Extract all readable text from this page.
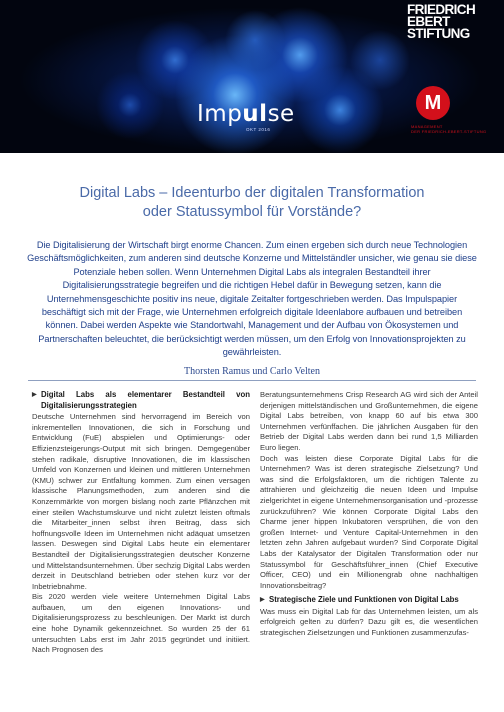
Impulse
OKT 2016
FRIEDRICH
EBERT
STIFTUNG
M
MANAGEMENT
DER FRIEDRICH-EBERT-STIFTUNG
Digital Labs – Ideenturbo der digitalen Transformation
oder Statussymbol für Vorstände?
Die Digitalisierung der Wirtschaft birgt enorme Chancen. Zum einen ergeben sich durch neue Technologien Geschäftsmöglichkeiten, zum anderen sind deutsche Konzerne und Mittelständler unsicher, wie genau sie diese Potenziale heben sollen. Wenn Unternehmen Digital Labs als integralen Bestandteil ihrer Digitalisierungsstrategie begreifen und die richtigen Hebel dafür in Bewegung setzen, kann die Unternehmensgeschichte positiv ins neue, digitale Zeitalter fortgeschrieben werden. Das Impulspapier beschäftigt sich mit der Frage, wie Unternehmen erfolgreich digitale Ideenlabore aufbauen und betreiben können. Dabei werden Aspekte wie Standortwahl, Management und der Aufbau von Ökosystemen und Partnerschaften beleuchtet, die berücksichtigt werden müssen, um den Erfolg von Innovationsprojekten zu gewährleisten.
Thorsten Ramus und Carlo Velten
▶ Digital Labs als elementarer Bestandteil von Digitalisierungsstrategien

Deutsche Unternehmen sind hervorragend im Bereich von inkrementellen Innovationen, die sich in Forschung und Entwicklung (FuE) abspielen und Optimierungs- oder Effizienzsteigerungs-Output mit sich bringen. Demgegenüber stehen radikale, disruptive Innovationen, die im klassischen Umfeld von Konzernen und kleinen und mittleren Unternehmen (KMU) schwer zur Entfaltung kommen. Zum einen versagen klassische Planungsmethoden, zum anderen sind die Konzernmärkte von morgen bislang noch zarte Pflänzchen mit einer steilen Wachstumskurve und nicht zuletzt leisten oftmals die Mitarbeiter_innen selbst ihren Beitrag, dass sich hoffnungsvolle Ideen im Unternehmen nicht adäquat umsetzen lassen. Deswegen sind Digital Labs heute ein elementarer Bestandteil der Digitalisierungsstrategien deutscher Konzerne und Mittelstandsunternehmen. Über sechzig Digital Labs werden derzeit in Deutschland betrieben oder stehen kurz vor der Inbetriebnahme.

Bis 2020 werden viele weitere Unternehmen Digital Labs aufbauen, um den eigenen Innovations- und Digitalisierungsprozess zu beschleunigen. Der Markt ist durch eine hohe Dynamik gekennzeichnet. So wurden 25 der 61 untersuchten Labs erst im Jahr 2015 gegründet und initiiert. Nach Prognosen des

Beratungsunternehmens Crisp Research AG wird sich der Anteil derjenigen mittelständischen und Großunternehmen, die eigene Digital Labs betreiben, von knapp 60 auf bis etwa 300 Unternehmen verfünffachen. Die jährlichen Ausgaben für den Betrieb der Digital Labs werden dann bei rund 1,5 Milliarden Euro liegen.

Doch was leisten diese Corporate Digital Labs für die Unternehmen? Was ist deren strategische Zielsetzung? Und was sind die Erfolgsfaktoren, um die richtigen Talente zu attrahieren und gleichzeitig die neuen Ideen und Impulse zielgerichtet in eigene Unternehmensorganisation und -prozesse zurückzuführen? Wie können Corporate Digital Labs den Charme jener hippen Inkubatoren versprühen, die von den großen Internet- und Venture Capital-Unternehmen in den letzten zehn Jahren aufgebaut wurden? Sind Corporate Digital Labs der Katalysator der Digitalen Transformation oder nur Statussymbol für Geschäftsführer_innen (Chief Executive Officer, CEO) und ein Millionengrab ohne nachhaltigen Innovationsbeitrag?

▶ Strategische Ziele und Funktionen von Digital Labs

Was muss ein Digital Lab für das Unternehmen leisten, um als erfolgreich gelten zu dürfen? Dazu gilt es, die wesentlichen strategischen Zielsetzungen und Funktionen zusammenzufas-
